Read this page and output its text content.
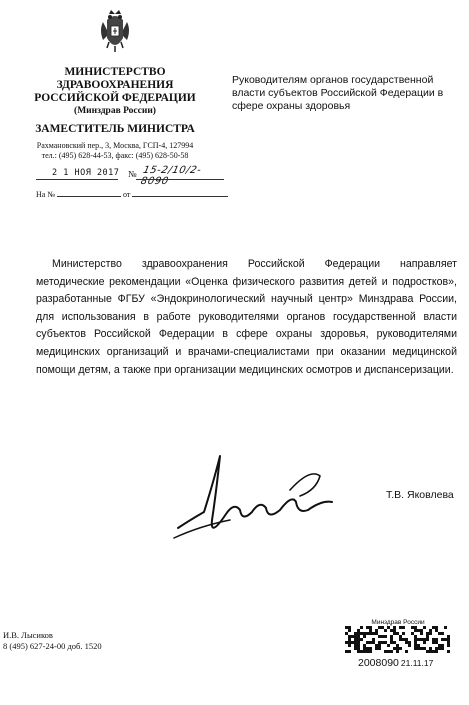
МИНИСТЕРСТВО
ЗДРАВООХРАНЕНИЯ
РОССИЙСКОЙ ФЕДЕРАЦИИ
(Минздрав России)
ЗАМЕСТИТЕЛЬ МИНИСТРА
Рахмановский пер., 3, Москва, ГСП-4, 127994
тел.: (495) 628-44-53, факс: (495) 628-50-58
2 1 НОЯ 2017 № 15-2/10/2-8090
На №	от
Руководителям органов государственной власти субъектов Российской Федерации в сфере охраны здоровья
Министерство здравоохранения Российской Федерации направляет методические рекомендации «Оценка физического развития детей и подростков», разработанные ФГБУ «Эндокринологический научный центр» Минздрава России, для использования в работе руководителями органов государственной власти субъектов Российской Федерации в сфере охраны здоровья, руководителями медицинских организаций и врачами-специалистами при оказании медицинской помощи детям, а также при организации медицинских осмотров и диспансеризации.
Т.В. Яковлева
И.В. Лысиков
8 (495) 627-24-00 доб. 1520
Минздрав России
2008090 21.11.17
